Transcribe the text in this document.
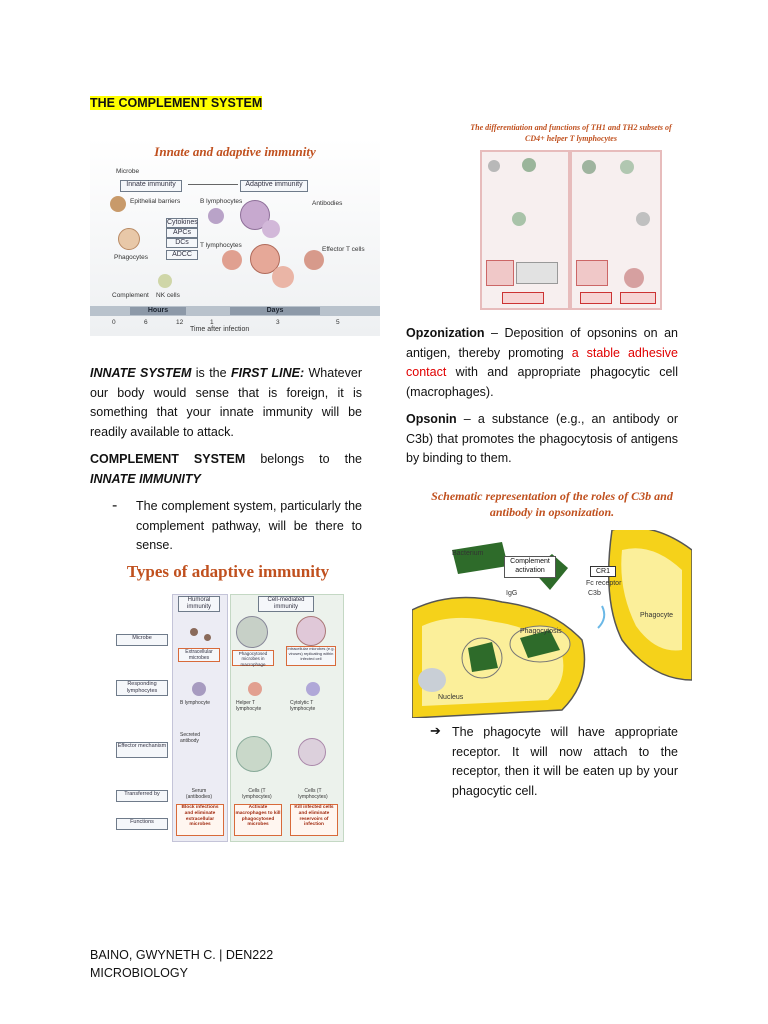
THE COMPLEMENT SYSTEM
Innate and adaptive immunity
Microbe
Innate immunity	Adaptive immunity
Epithelial barriers
Cytokines
APCs
DCs
ADCC
Phagocytes
Complement NK cells
B lymphocytes	Antibodies
T lymphocytes
Effector T cells
Hours	Days
0	6	12	1	3	5
Time after infection
The differentiation and functions of TH1 and TH2 subsets of CD4+ helper T lymphocytes

INNATE SYSTEM is the FIRST LINE: Whatever our body would sense that is foreign, it is something that your innate immunity will be readily available to attack.

COMPLEMENT SYSTEM belongs to the INNATE IMMUNITY

- The complement system, particularly the complement pathway, will be there to sense.

Types of adaptive immunity
Humoral immunity
Cell-mediated immunity
Microbe
Responding lymphocytes
Effector mechanism
Transferred by
Functions
Extracellular microbes
Phagocytosed microbes in macrophage
Intracellular microbes (e.g. viruses) replicating within infected cell
B lymphocyte	Helper T lymphocyte
Cytolytic T lymphocyte
Secreted antibody
Serum (antibodies)
Cells (T lymphocytes)
Cells (T lymphocytes)
Block infections and eliminate extracellular microbes
Activate macrophages to kill phagocytosed microbes
Kill infected cells and eliminate reservoirs of infection

Opzonization – Deposition of opsonins on an antigen, thereby promoting a stable adhesive contact with and appropriate phagocytic cell (macrophages).

Opsonin – a substance (e.g., an antibody or C3b) that promotes the phagocytosis of antigens by binding to them.

Schematic representation of the roles of C3b and antibody in opsonization.
Bacterium
Complement activation	CR1
Fc receptor
C3b
IgG
Phagocyte
Phagocytosis
Nucleus
➔ The phagocyte will have appropriate receptor. It will now attach to the receptor, then it will be eaten up by your phagocytic cell.

BAINO, GWYNETH C. | DEN222
MICROBIOLOGY
